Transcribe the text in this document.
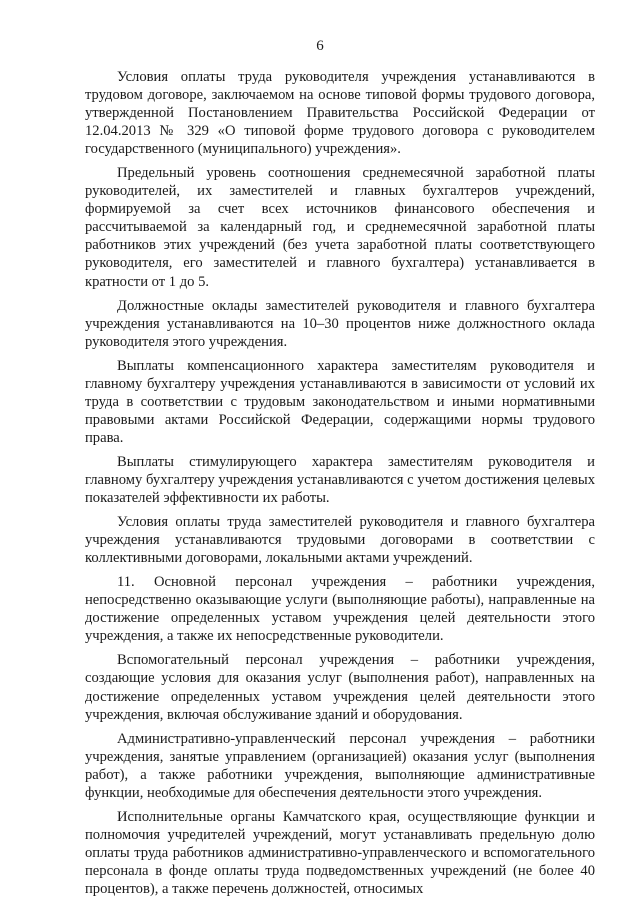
6

Условия оплаты труда руководителя учреждения устанавливаются в трудовом договоре, заключаемом на основе типовой формы трудового договора, утвержденной Постановлением Правительства Российской Федерации от 12.04.2013 № 329 «О типовой форме трудового договора с руководителем государственного (муниципального) учреждения».

Предельный уровень соотношения среднемесячной заработной платы руководителей, их заместителей и главных бухгалтеров учреждений, формируемой за счет всех источников финансового обеспечения и рассчитываемой за календарный год, и среднемесячной заработной платы работников этих учреждений (без учета заработной платы соответствующего руководителя, его заместителей и главного бухгалтера) устанавливается в кратности от 1 до 5.

Должностные оклады заместителей руководителя и главного бухгалтера учреждения устанавливаются на 10–30 процентов ниже должностного оклада руководителя этого учреждения.

Выплаты компенсационного характера заместителям руководителя и главному бухгалтеру учреждения устанавливаются в зависимости от условий их труда в соответствии с трудовым законодательством и иными нормативными правовыми актами Российской Федерации, содержащими нормы трудового права.

Выплаты стимулирующего характера заместителям руководителя и главному бухгалтеру учреждения устанавливаются с учетом достижения целевых показателей эффективности их работы.

Условия оплаты труда заместителей руководителя и главного бухгалтера учреждения устанавливаются трудовыми договорами в соответствии с коллективными договорами, локальными актами учреждений.

11. Основной персонал учреждения – работники учреждения, непосредственно оказывающие услуги (выполняющие работы), направленные на достижение определенных уставом учреждения целей деятельности этого учреждения, а также их непосредственные руководители.

Вспомогательный персонал учреждения – работники учреждения, создающие условия для оказания услуг (выполнения работ), направленных на достижение определенных уставом учреждения целей деятельности этого учреждения, включая обслуживание зданий и оборудования.

Административно-управленческий персонал учреждения – работники учреждения, занятые управлением (организацией) оказания услуг (выполнения работ), а также работники учреждения, выполняющие административные функции, необходимые для обеспечения деятельности этого учреждения.

Исполнительные органы Камчатского края, осуществляющие функции и полномочия учредителей учреждений, могут устанавливать предельную долю оплаты труда работников административно-управленческого и вспомогательного персонала в фонде оплаты труда подведомственных учреждений (не более 40 процентов), а также перечень должностей, относимых
